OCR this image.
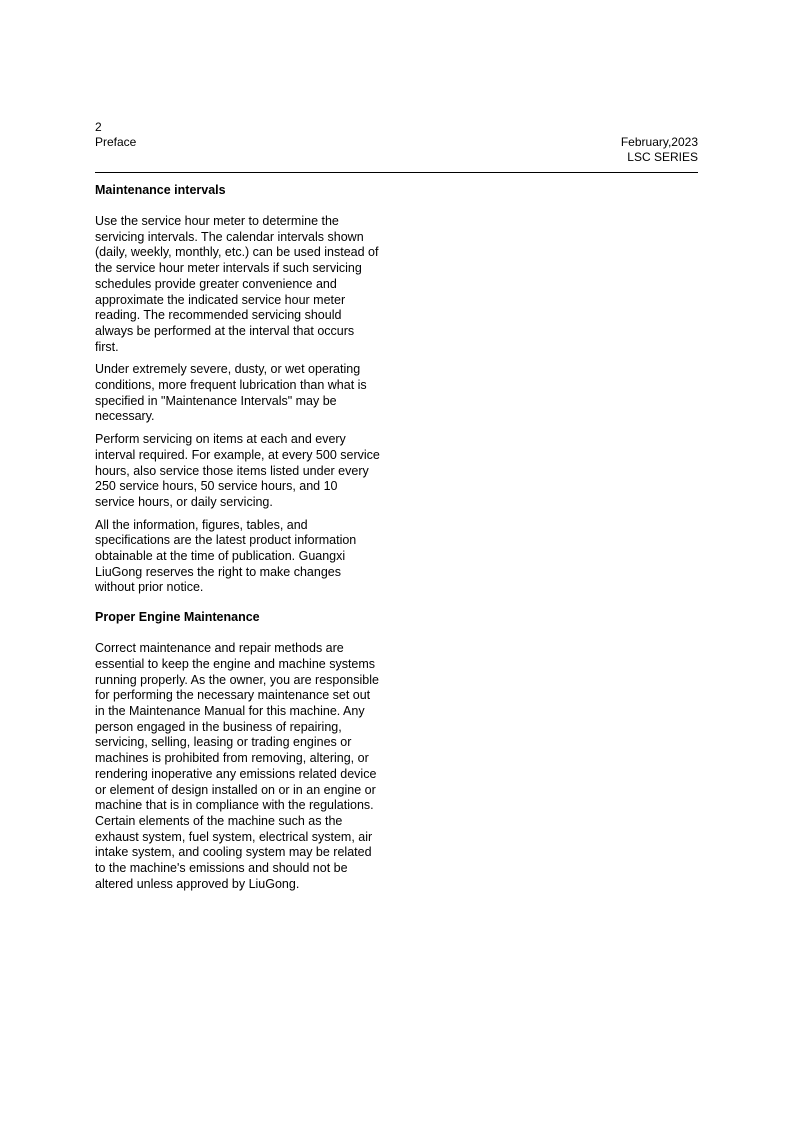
2
Preface	February,2023
LSC SERIES
Maintenance intervals

Use the service hour meter to determine the servicing intervals. The calendar intervals shown (daily, weekly, monthly, etc.) can be used instead of the service hour meter intervals if such servicing schedules provide greater convenience and approximate the indicated service hour meter reading. The recommended servicing should always be performed at the interval that occurs first.

Under extremely severe, dusty, or wet operating conditions, more frequent lubrication than what is specified in "Maintenance Intervals" may be necessary.

Perform servicing on items at each and every interval required. For example, at every 500 service hours, also service those items listed under every 250 service hours, 50 service hours, and 10 service hours, or daily servicing.

All the information, figures, tables, and specifications are the latest product information obtainable at the time of publication. Guangxi LiuGong reserves the right to make changes without prior notice.

Proper Engine Maintenance

Correct maintenance and repair methods are essential to keep the engine and machine systems running properly. As the owner, you are responsible for performing the necessary maintenance set out in the Maintenance Manual for this machine. Any person engaged in the business of repairing, servicing, selling, leasing or trading engines or machines is prohibited from removing, altering, or rendering inoperative any emissions related device or element of design installed on or in an engine or machine that is in compliance with the regulations. Certain elements of the machine such as the exhaust system, fuel system, electrical system, air intake system, and cooling system may be related to the machine's emissions and should not be altered unless approved by LiuGong.
